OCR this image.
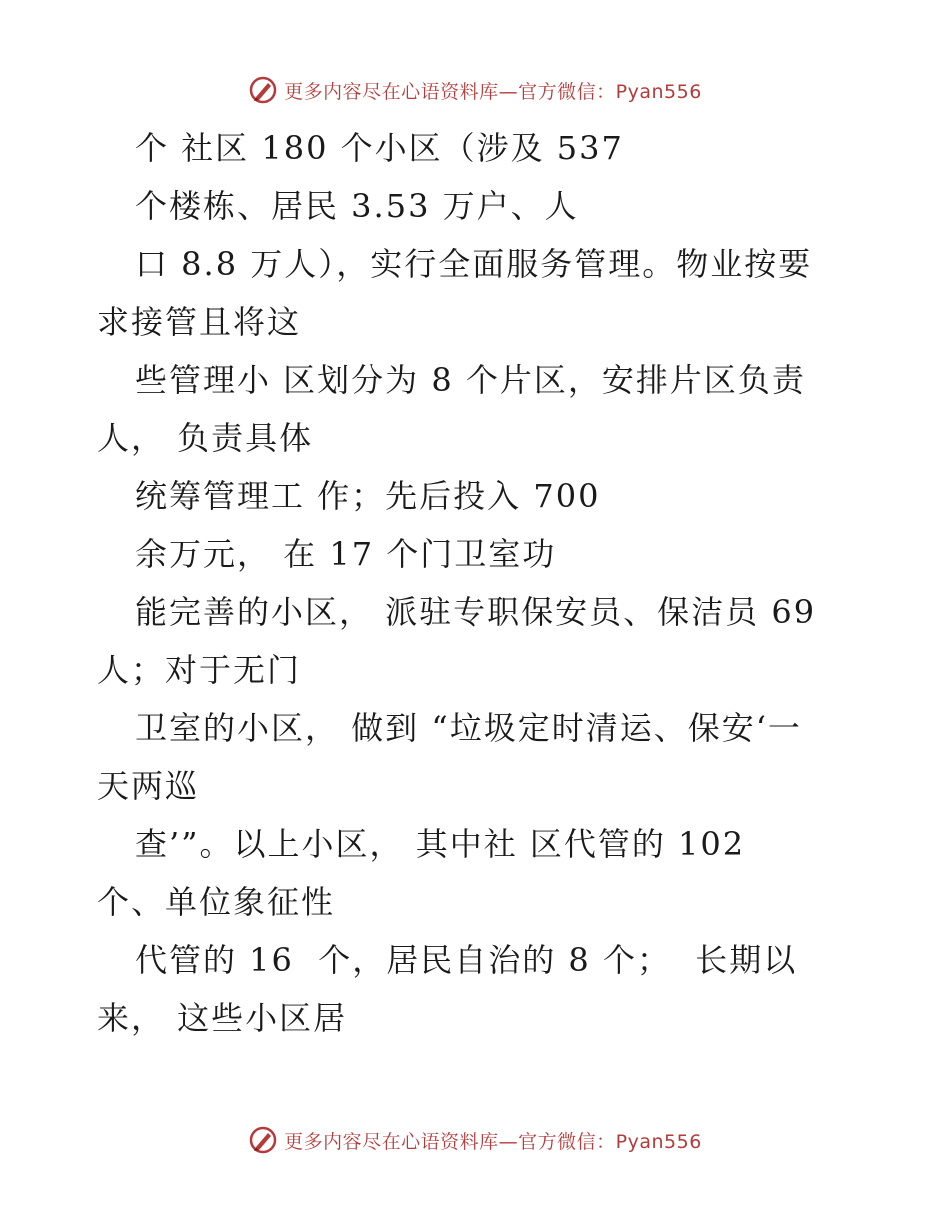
更多内容尽在心语资料库—官方微信：Pyan556
个 社区 180 个小区（涉及 537
个楼栋、居民 3.53 万户、人
口 8.8 万人），实行全面服务管理。物业按要
求接管且将这
些管理小 区划分为 8 个片区，安排片区负责
人， 负责具体
统筹管理工 作；先后投入 700
余万元， 在 17 个门卫室功
能完善的小区， 派驻专职保安员、保洁员 69
人；对于无门
卫室的小区， 做到 “垃圾定时清运、保安‘一
天两巡
查’”。以上小区， 其中社 区代管的 102
个、单位象征性
代管的 16  个，居民自治的 8 个；  长期以
来， 这些小区居
更多内容尽在心语资料库—官方微信：Pyan556
